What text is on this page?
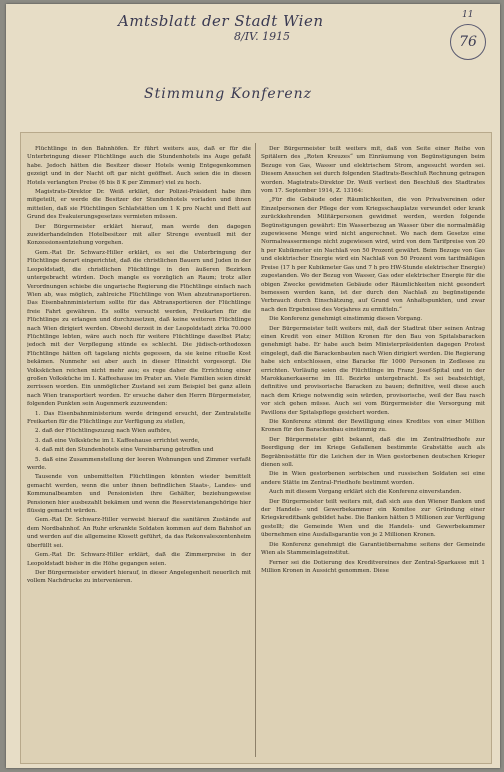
Amtsblatt der Stadt Wien
8/IV. 1915
11
76
Stimmung Konferenz

Flüchtlinge in den Bahnhöfen. Er führt weiters aus, daß er für die Unterbringung dieser Flüchtlinge auch die Stundenhotels ins Auge gefaßt habe. Jedoch hätten die Besitzer dieser Hotels wenig Entgegenkommen gezeigt und in der Nacht oft gar nicht geöffnet. Auch seien die in diesen Hotels verlangten Preise (6 bis 8 K per Zimmer) viel zu hoch.

Magistrats-Direktor Dr. Weiß erklärt, der Polizei-Präsident habe ihm mitgeteilt, er werde die Besitzer der Stundenhotels vorladen und ihnen mitteilen, daß sie Flüchtlingen Schlafstätten um 1 K pro Nacht und Bett auf Grund des Evakuierungsgesetzes vermieten müssen.

Der Bürgermeister erklärt hierauf, man werde den dagegen zuwiderhandelnden Hotelbesitzer mit aller Strenge eventuell mit der Konzessionsentziehung vorgehen.

Gem.-Rat Dr. Schwarz-Hiller erklärt, es sei die Unterbringung der Flüchtlinge derart eingerichtet, daß die christlichen Bauern und Juden in der Leopoldstadt, die christlichen Flüchtlinge in den äußeren Bezirken untergebracht würden. Doch mangle es vorzüglich an Raum; trotz aller Verordnungen schiebe die ungarische Regierung die Flüchtlinge einfach nach Wien ab, was möglich, zahlreiche Flüchtlinge von Wien abzutransportieren. Das Eisenbahnministerium sollte für das Abtransportieren der Flüchtlinge freie Fahrt gewähren. Es sollte versucht werden, Freikarten für die Flüchtlinge zu erlangen und durchzusetzen, daß keine weiteren Flüchtlinge nach Wien dirigiert werden. Obwohl derzeit in der Leopoldstadt zirka 70.000 Flüchtlinge lebten, wäre auch noch für weitere Flüchtlinge daselbst Platz; jedoch mit der Verpflegung stünde es schlecht. Die jüdisch-orthodoxen Flüchtlinge hätten oft tagelang nichts gegessen, da sie keine rituelle Kost bekämen. Nunmehr sei aber auch in dieser Hinsicht vorgesorgt. Die Volksküchen reichen nicht mehr aus; es rege daher die Errichtung einer großen Volksküche im I. Kaffeehause im Prater an. Viele Familien seien direkt zerrissen worden. Ein unmöglicher Zustand sei zum Beispiel bei ganz allein nach Wien transportiert worden. Er ersuche daher den Herrn Bürgermeister, folgenden Punkten sein Augenmerk zuzuwenden:

1. Das Eisenbahnministerium werde dringend ersucht, der Zentralstelle Freikarten für die Flüchtlinge zur Verfügung zu stellen,

2. daß der Flüchtlingszuzug nach Wien aufhöre,

3. daß eine Volksküche im I. Kaffeehause errichtet werde,

4. daß mit den Stundenhotels eine Vereinbarung getroffen und

5. daß eine Zusammenstellung der leeren Wohnungen und Zimmer verfaßt werde.

Tausende von unbemittelten Flüchtlingen könnten wieder bemittelt gemacht werden, wenn die unter ihnen befindlichen Staats-, Landes- und Kommunalbeamten und Pensionisten ihre Gehälter, beziehungsweise Pensionen hier ausbezahlt bekämen und wenn die Reservistenangehörige hier flüssig gemacht würden.

Gem.-Rat Dr. Schwarz-Hiller verweist hierauf die sanitären Zustände auf dem Nordbahnhof. An Ruhr erkrankte Soldaten kommen auf dem Bahnhof an und werden auf die allgemeine Klosett geführt, da das Rekonvaleszentenheim überfüllt sei.

Gem.-Rat Dr. Schwarz-Hiller erklärt, daß die Zimmerpreise in der Leopoldstadt bisher in die Höhe gegangen seien.

Der Bürgermeister erwidert hierauf, in dieser Angelegenheit neuerlich mit vollem Nachdrucke zu intervenieren.

Der Bürgermeister teilt weiters mit, daß von Seite einer Reihe von Spitälern des „Roten Kreuzes“ um Einräumung von Begünstigungen beim Bezuge von Gas, Wasser und elektrischem Strom, angesucht worden sei. Diesem Ansuchen sei durch folgenden Stadtrats-Beschluß Rechnung getragen worden. Magistrats-Direktor Dr. Weiß verliest den Beschluß des Stadtrates vom 17. September 1914, Z. 13164:

„Für die Gebäude oder Räumlichkeiten, die von Privatvereinen oder Einzelpersonen der Pflege der vom Kriegsschauplatze verwundet oder krank zurückkehrenden Militärpersonen gewidmet werden, werden folgende Begünstigungen gewährt: Ein Wasserbezug an Wasser über die normalmäßig zugewiesene Menge wird nicht angerechnet. Wo nach dem Gesetze eine Normalwassermenge nicht zugewiesen wird, wird von dem Tarifpreise von 20 h per Kubikmeter ein Nachlaß von 50 Prozent gewährt. Beim Bezuge von Gas und elektrischer Energie wird ein Nachlaß von 50 Prozent vom tarifmäßigen Preise (17 h per Kubikmeter Gas und 7 h pro HW-Stunde elektrischer Energie) zugestanden. Wo der Bezug von Wasser, Gas oder elektrischer Energie für die obigen Zwecke gewidmeten Gebäude oder Räumlichkeiten nicht gesondert bemessen werden kann, ist der durch den Nachlaß zu begünstigende Verbrauch durch Einschätzung, auf Grund von Anhaltspunkten, und zwar nach den Ergebnisse des Vorjahres zu ermitteln.“

Die Konferenz genehmigt einstimmig diesen Vorgang.

Der Bürgermeister teilt weiters mit, daß der Stadtrat über seinen Antrag einen Kredit von einer Million Kronen für den Bau von Spitalsbaracken genehmigt habe. Er habe auch beim Ministerpräsidenten dagegen Protest eingelegt, daß die Barackenbauten nach Wien dirigiert werden. Die Regierung habe sich entschlossen, eine Baracke für 1000 Personen in Zedlesee zu errichten. Vorläufig seien die Flüchtlinge im Franz Josef-Spital und in der Marokkanerkaserne im III. Bezirke untergebracht. Es sei beabsichtigt, definitive und provisorische Baracken zu bauen; definitive, weil diese auch nach dem Kriege notwendig sein würden, provisorische, weil der Bau rasch vor sich gehen müsse. Auch sei vom Bürgermeister die Versorgung mit Pavillons der Spitalspflege gesichert worden.

Die Konferenz stimmt der Bewilligung eines Kredites von einer Million Kronen für den Barackenbau einstimmig zu.

Der Bürgermeister gibt bekannt, daß die im Zentralfriedhofe zur Beerdigung der im Kriege Gefallenen bestimmte Grabstätte auch als Begräbnisstätte für die Leichen der in Wien gestorbenen deutschen Krieger dienen soll.

Die in Wien gestorbenen serbischen und russischen Soldaten sei eine andere Stätte im Zentral-Friedhofe bestimmt worden.

Auch mit diesem Vorgang erklärt sich die Konferenz einverstanden.

Der Bürgermeister teilt weiters mit, daß sich aus den Wiener Banken und der Handels- und Gewerbekammer ein Komitee zur Gründung einer Kriegskreditbank gebildet habe. Die Banken hätten 5 Millionen zur Verfügung gestellt; die Gemeinde Wien und die Handels- und Gewerbekammer übernehmen eine Ausfallsgarantie von je 2 Millionen Kronen.

Die Konferenz genehmigt die Garantieübernahme seitens der Gemeinde Wien als Stammeinlageinstitut.

Ferner sei die Dotierung des Kreditvereines der Zentral-Sparkasse mit 1 Million Kronen in Aussicht genommen. Diese
